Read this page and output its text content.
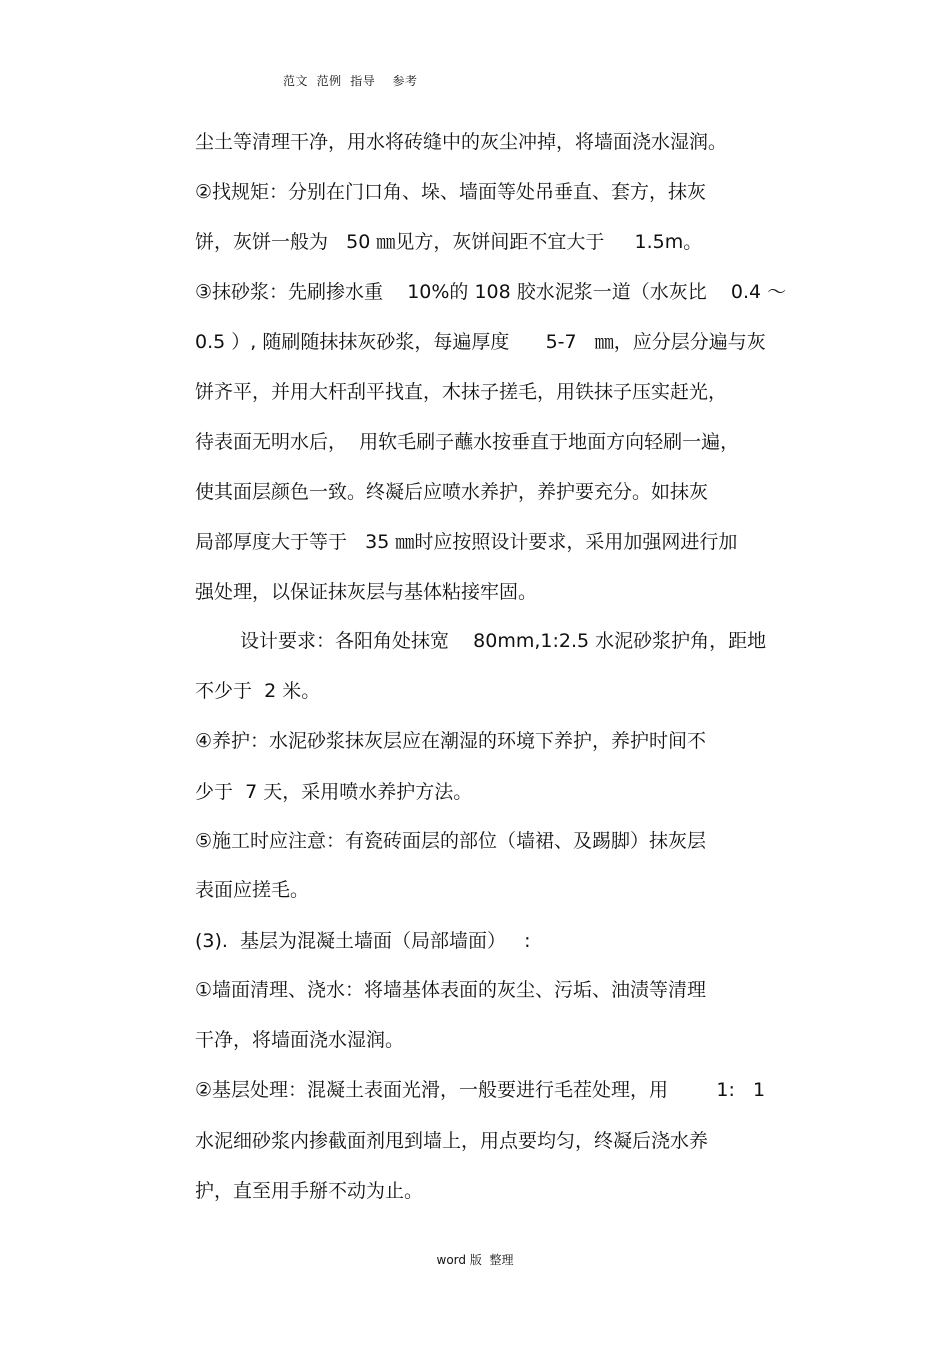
范文  范例  指导    参考
尘土等清理干净，用水将砖缝中的灰尘冲掉，将墙面浇水湿润。
②找规矩：分别在门口角、垛、墙面等处吊垂直、套方，抹灰
饼，灰饼一般为   50 ㎜见方，灰饼间距不宜大于     1.5m。
③抹砂浆：先刷掺水重    10%的 108 胶水泥浆一道（水灰比    0.4 ～
0.5 ）, 随刷随抹抹灰砂浆，每遍厚度      5-7   ㎜，应分层分遍与灰
饼齐平，并用大杆刮平找直，木抹子搓毛，用铁抹子压实赶光，
待表面无明水后，  用软毛刷子蘸水按垂直于地面方向轻刷一遍，
使其面层颜色一致。终凝后应喷水养护，养护要充分。如抹灰
局部厚度大于等于   35 ㎜时应按照设计要求，采用加强网进行加
强处理，以保证抹灰层与基体粘接牢固。
设计要求：各阳角处抹宽    80mm,1:2.5 水泥砂浆护角，距地
不少于  2 米。
④养护：水泥砂浆抹灰层应在潮湿的环境下养护，养护时间不
少于  7 天，采用喷水养护方法。
⑤施工时应注意：有瓷砖面层的部位（墙裙、及踢脚）抹灰层
表面应搓毛。
(3).  基层为混凝土墙面（局部墙面）   :
①墙面清理、浇水：将墙基体表面的灰尘、污垢、油渍等清理
干净，将墙面浇水湿润。
②基层处理：混凝土表面光滑，一般要进行毛茬处理，用        1:   1
水泥细砂浆内掺截面剂甩到墙上，用点要均匀，终凝后浇水养
护，直至用手掰不动为止。
word 版  整理
